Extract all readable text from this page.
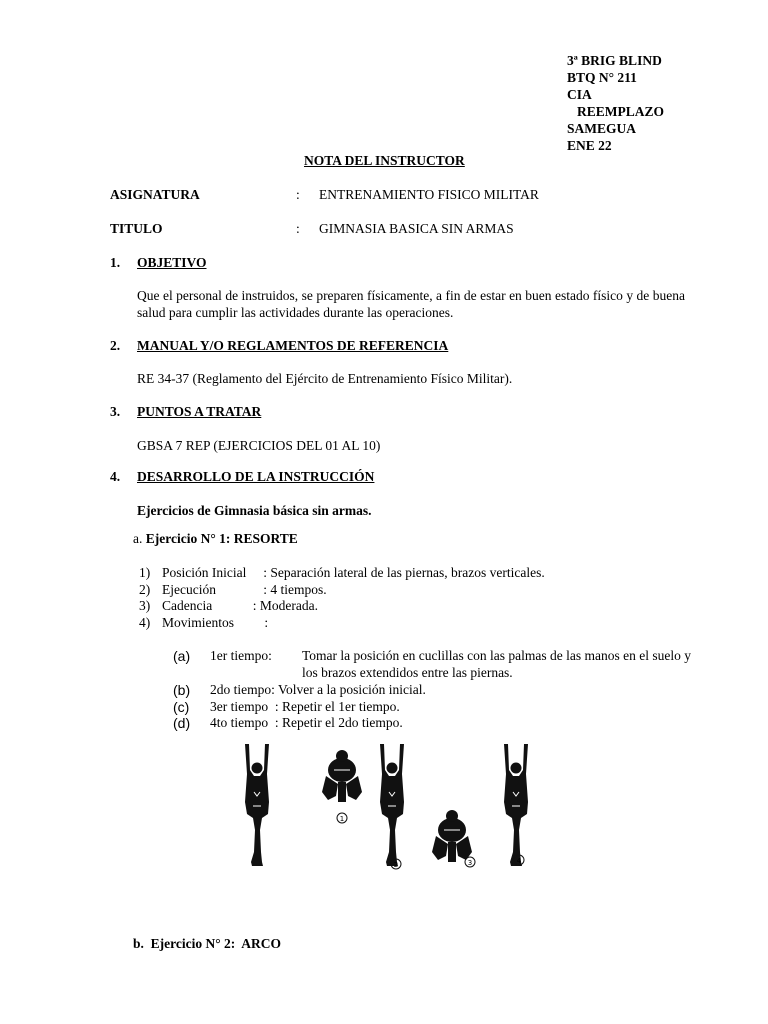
3ª BRIG BLIND
BTQ N° 211
CIA
REEMPLAZO
SAMEGUA
ENE 22
NOTA DEL INSTRUCTOR
ASIGNATURA	: ENTRENAMIENTO FISICO MILITAR
TITULO	: GIMNASIA BASICA SIN ARMAS
1. OBJETIVO
Que el personal de instruidos, se preparen físicamente, a fin de estar en buen estado físico y de buena salud para cumplir las actividades durante las operaciones.
2. MANUAL Y/O REGLAMENTOS DE REFERENCIA
RE 34-37 (Reglamento del Ejército de Entrenamiento Físico Militar).
3. PUNTOS A TRATAR
GBSA 7 REP (EJERCICIOS DEL 01 AL 10)
4. DESARROLLO DE LA INSTRUCCIÓN
Ejercicios de Gimnasia básica sin armas.
a. Ejercicio N° 1: RESORTE
1) Posición Inicial     : Separación lateral de las piernas, brazos verticales.
2) Ejecución              : 4 tiempos.
3) Cadencia            : Moderada.
4) Movimientos         :
(a) 1er tiempo: Tomar la posición en cuclillas con las palmas de las manos en el suelo y los brazos extendidos entre las piernas.
(b) 2do tiempo: Volver a la posición inicial.
(c) 3er tiempo  : Repetir el 1er tiempo.
(d) 4to tiempo  : Repetir el 2do tiempo.
1
2	3	4
b. Ejercicio N° 2:  ARCO
